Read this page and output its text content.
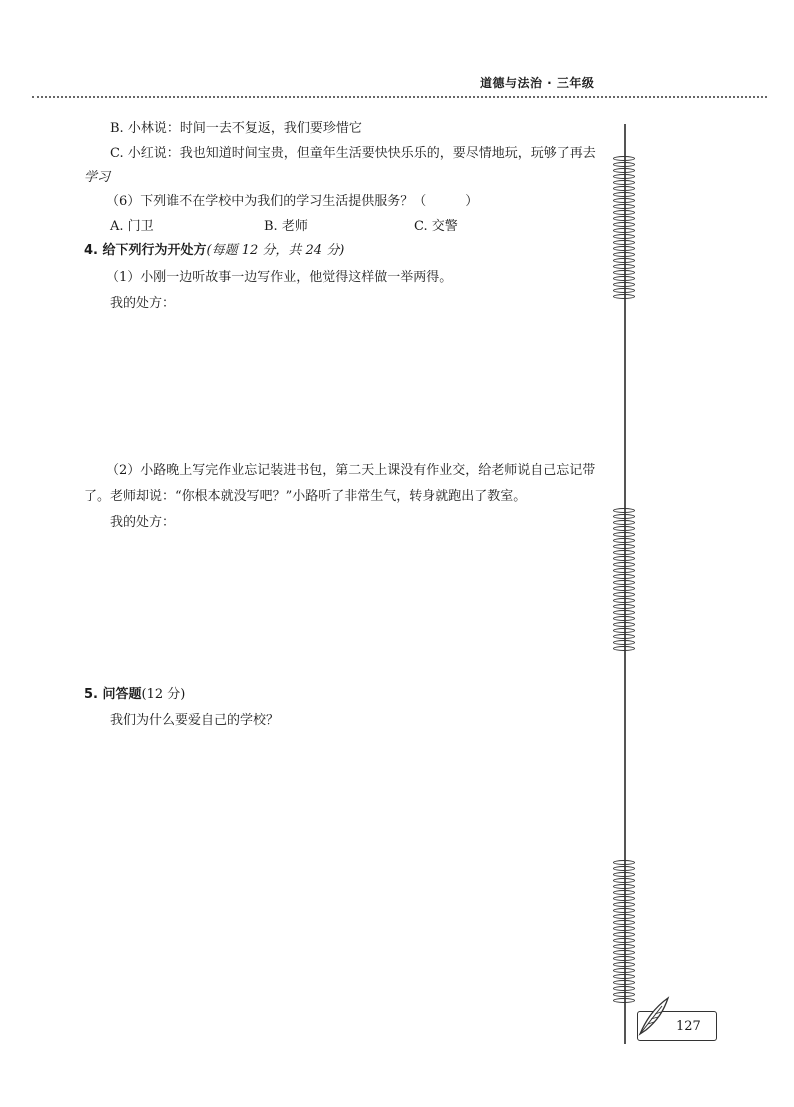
道德与法治 · 三年级
B. 小林说：时间一去不复返，我们要珍惜它
C. 小红说：我也知道时间宝贵，但童年生活要快快乐乐的，要尽情地玩，玩够了再去
学习
（6）下列谁不在学校中为我们的学习生活提供服务？（　　　）
A. 门卫	B. 老师	C. 交警
4. 给下列行为开处方(每题 12 分，共 24 分)
（1）小刚一边听故事一边写作业，他觉得这样做一举两得。
我的处方：
（2）小路晚上写完作业忘记装进书包，第二天上课没有作业交，给老师说自己忘记带
了。老师却说：“你根本就没写吧？”小路听了非常生气，转身就跑出了教室。
我的处方：
5. 问答题(12 分)
我们为什么要爱自己的学校？
127
